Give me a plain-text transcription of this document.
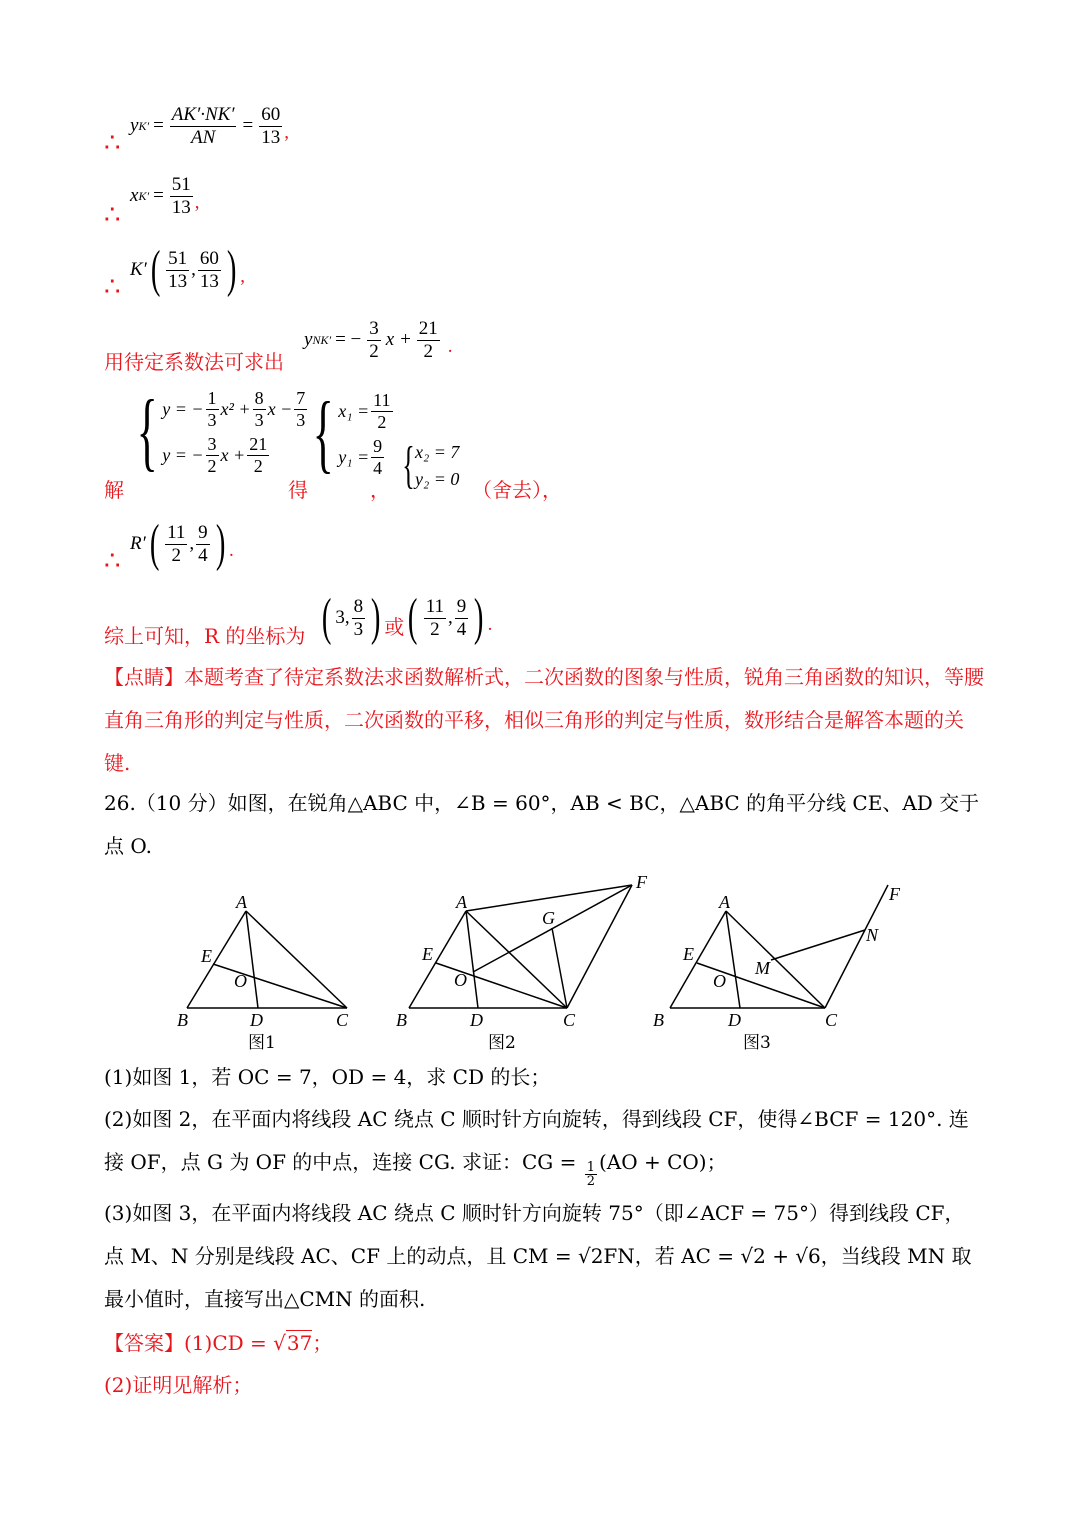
∴
y $K' = \frac{AK'\cdot NK'}{AN} = \frac{60}{13}$ ,
∴
x $K' = \frac{51}{13}$ ,
∴
K′ ( $\frac{51}{13}$ , $\frac{60}{13}$ ) ,
用待定系数法可求出
y NK′ = − $\frac{3}{2}$ $x + \frac{21}{2}$ .
解
{ y = − $\frac{1}{3} x^2 + \frac{8}{3}$ $x - \frac{7}{3}$
y = − $\frac{3}{2}$ $x + \frac{21}{2}$
得
{ $x_1 = \frac{11}{2}$
$y_1 = \frac{9}{4}$
， { x₂ = 7
y₂ = 0 （舍去），
∴
R′ ( $\frac{11}{2}$ , $\frac{9}{4}$ ) .
综上可知，R 的坐标为 ( 3, $\frac{8}{3}$ ) 或 ( $\frac{11}{2}$ , $\frac{9}{4}$ ) .
【点睛】本题考查了待定系数法求函数解析式，二次函数的图象与性质，锐角三角函数的知识，等腰直角三角形的判定与性质，二次函数的平移，相似三角形的判定与性质，数形结合是解答本题的关键.
26.（10 分）如图，在锐角△ABC 中，∠B = 60°，AB < BC，△ABC 的角平分线 CE、AD 交于点 O.
A
E
O
B	D	C
图1
A
F
G
E
O
B	D	C
图2
A	F
N
E
M
O
B	D	C
图3
(1)如图 1，若 OC = 7，OD = 4，求 CD 的长；
(2)如图 2，在平面内将线段 AC 绕点 C 顺时针方向旋转，得到线段 CF，使得∠BCF = 120°. 连接 OF，点 G 为 OF 的中点，连接 CG. 求证：CG = $\frac{1}{2} (AO + CO)$；
(3)如图 3，在平面内将线段 AC 绕点 C 顺时针方向旋转 75°（即∠ACF = 75°）得到线段 CF，点 M、N 分别是线段 AC、CF 上的动点，且 CM = √2FN，若 AC = √2 + √6，当线段 MN 取最小值时，直接写出△CMN 的面积.
【答案】(1)CD = √37；
(2)证明见解析；
